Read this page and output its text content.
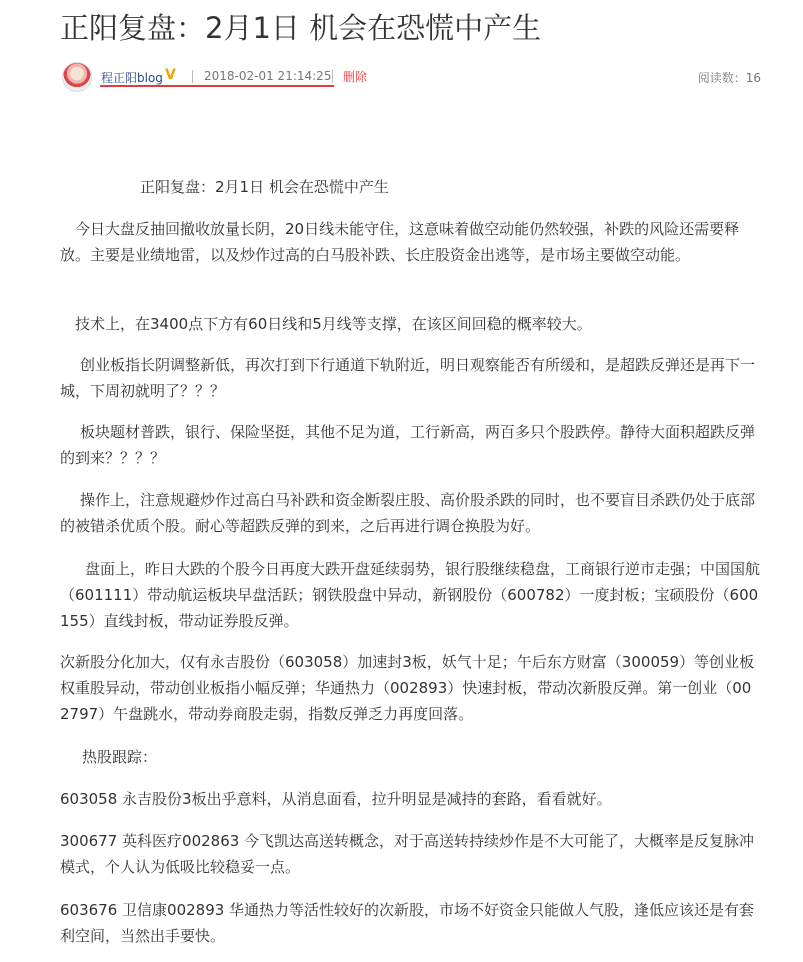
正阳复盘：2月1日 机会在恐慌中产生
程正阳blog V 2018-02-01 21:14:25 删除	阅读数：16

正阳复盘：2月1日 机会在恐慌中产生

今日大盘反抽回撤收放量长阴，20日线未能守住，这意味着做空动能仍然较强，补跌的风险还需要释放。主要是业绩地雷，以及炒作过高的白马股补跌、长庄股资金出逃等，是市场主要做空动能。

技术上，在3400点下方有60日线和5月线等支撑，在该区间回稳的概率较大。

创业板指长阴调整新低，再次打到下行通道下轨附近，明日观察能否有所缓和，是超跌反弹还是再下一城，下周初就明了？？？

板块题材普跌，银行、保险坚挺，其他不足为道，工行新高，两百多只个股跌停。静待大面积超跌反弹的到来？？？？

操作上，注意规避炒作过高白马补跌和资金断裂庄股、高价股杀跌的同时，也不要盲目杀跌仍处于底部的被错杀优质个股。耐心等超跌反弹的到来，之后再进行调仓换股为好。

盘面上，昨日大跌的个股今日再度大跌开盘延续弱势，银行股继续稳盘，工商银行逆市走强；中国国航（601111）带动航运板块早盘活跃；钢铁股盘中异动，新钢股份（600782）一度封板；宝硕股份（600155）直线封板，带动证券股反弹。

次新股分化加大，仅有永吉股份（603058）加速封3板，妖气十足；午后东方财富（300059）等创业板权重股异动，带动创业板指小幅反弹；华通热力（002893）快速封板，带动次新股反弹。第一创业（002797）午盘跳水，带动券商股走弱，指数反弹乏力再度回落。

热股跟踪：

603058 永吉股份3板出乎意料，从消息面看，拉升明显是减持的套路，看看就好。

300677 英科医疗002863 今飞凯达高送转概念，对于高送转持续炒作是不大可能了，大概率是反复脉冲模式，个人认为低吸比较稳妥一点。

603676 卫信康002893 华通热力等活性较好的次新股，市场不好资金只能做人气股，逢低应该还是有套利空间，当然出手要快。
